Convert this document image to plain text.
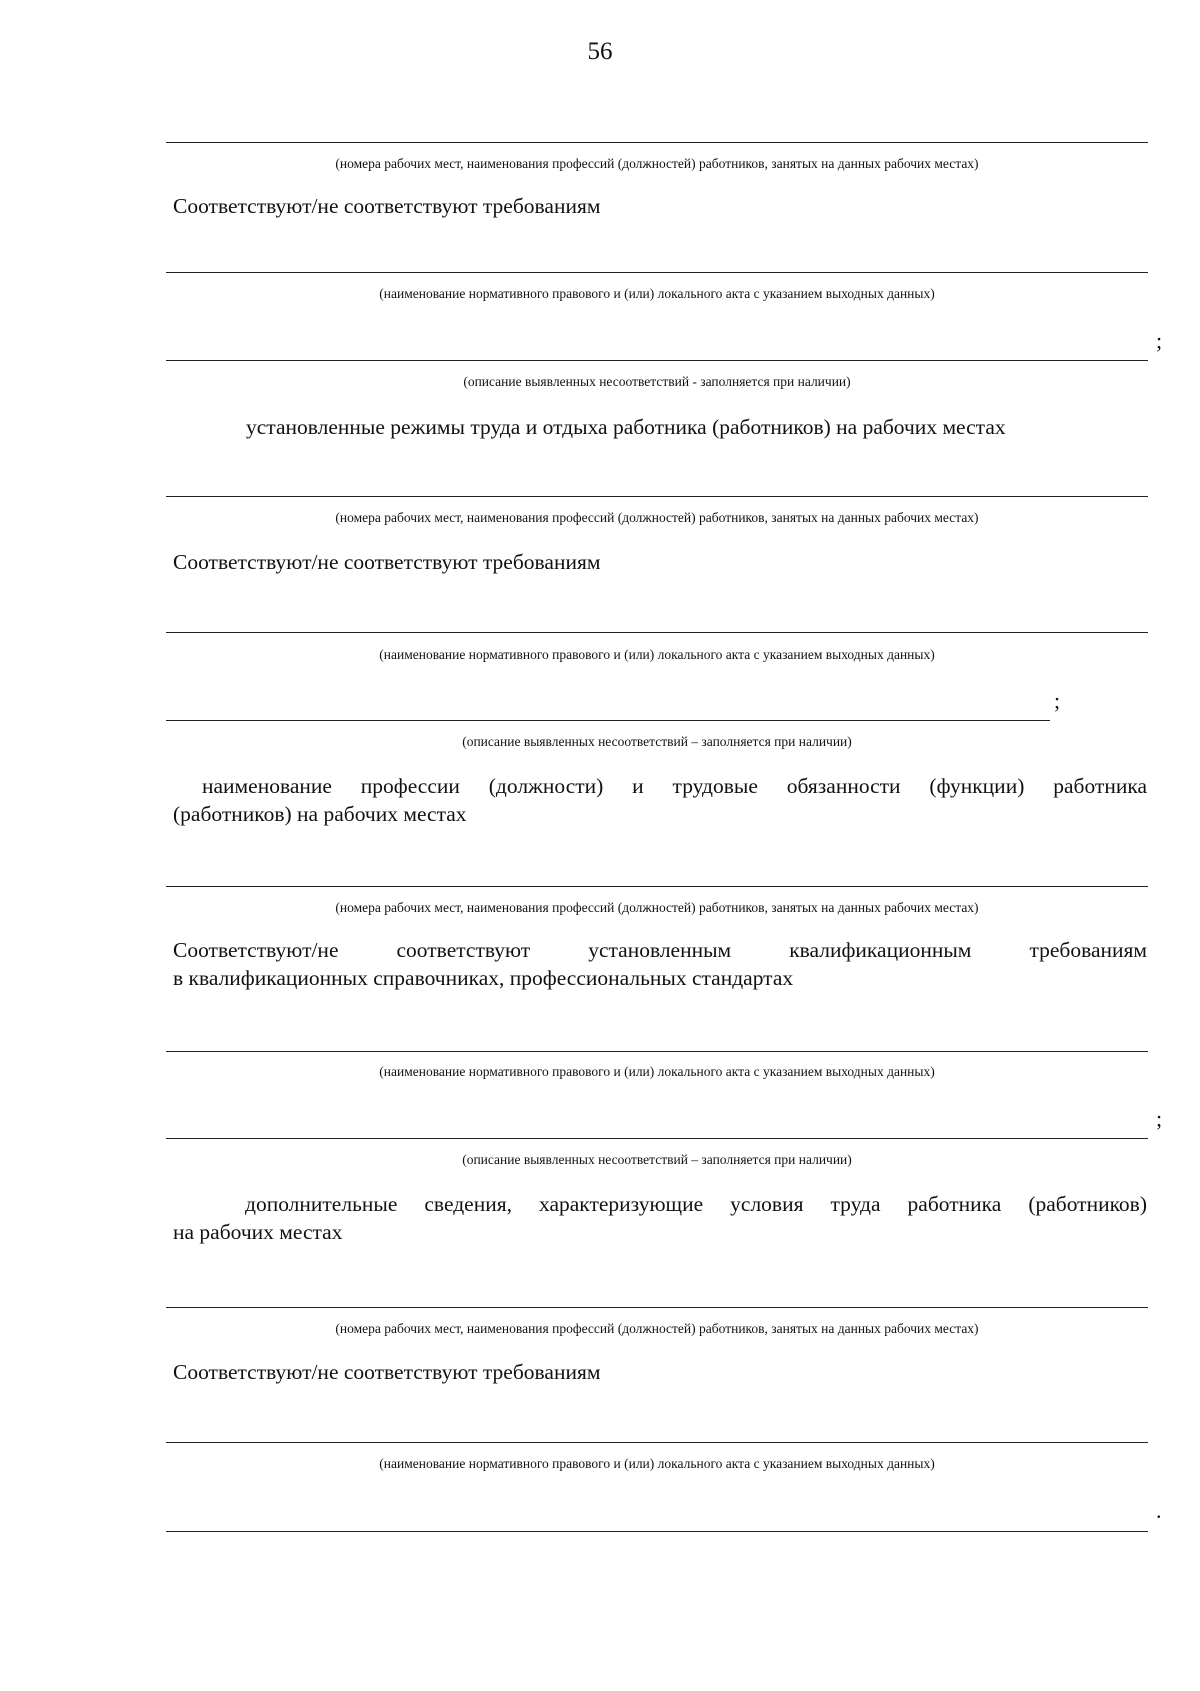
56
(номера рабочих мест, наименования профессий (должностей) работников, занятых на данных рабочих местах)
Соответствуют/не соответствуют требованиям
(наименование нормативного правового и (или) локального акта с указанием выходных данных)
;
(описание выявленных несоответствий - заполняется при наличии)
установленные режимы труда и отдыха работника (работников) на рабочих местах
(номера рабочих мест, наименования профессий (должностей) работников, занятых на данных рабочих местах)
Соответствуют/не соответствуют требованиям
(наименование нормативного правового и (или) локального акта с указанием выходных данных)
;
(описание выявленных несоответствий – заполняется при наличии)
наименование профессии (должности) и трудовые обязанности (функции) работника
(работников) на рабочих местах
(номера рабочих мест, наименования профессий (должностей) работников, занятых на данных рабочих местах)
Соответствуют/не соответствуют установленным квалификационным требованиям
в квалификационных справочниках, профессиональных стандартах
(наименование нормативного правового и (или) локального акта с указанием выходных данных)
;
(описание выявленных несоответствий – заполняется при наличии)
дополнительные сведения, характеризующие условия труда работника (работников)
на рабочих местах
(номера рабочих мест, наименования профессий (должностей) работников, занятых на данных рабочих местах)
Соответствуют/не соответствуют требованиям
(наименование нормативного правового и (или) локального акта с указанием выходных данных)
.
